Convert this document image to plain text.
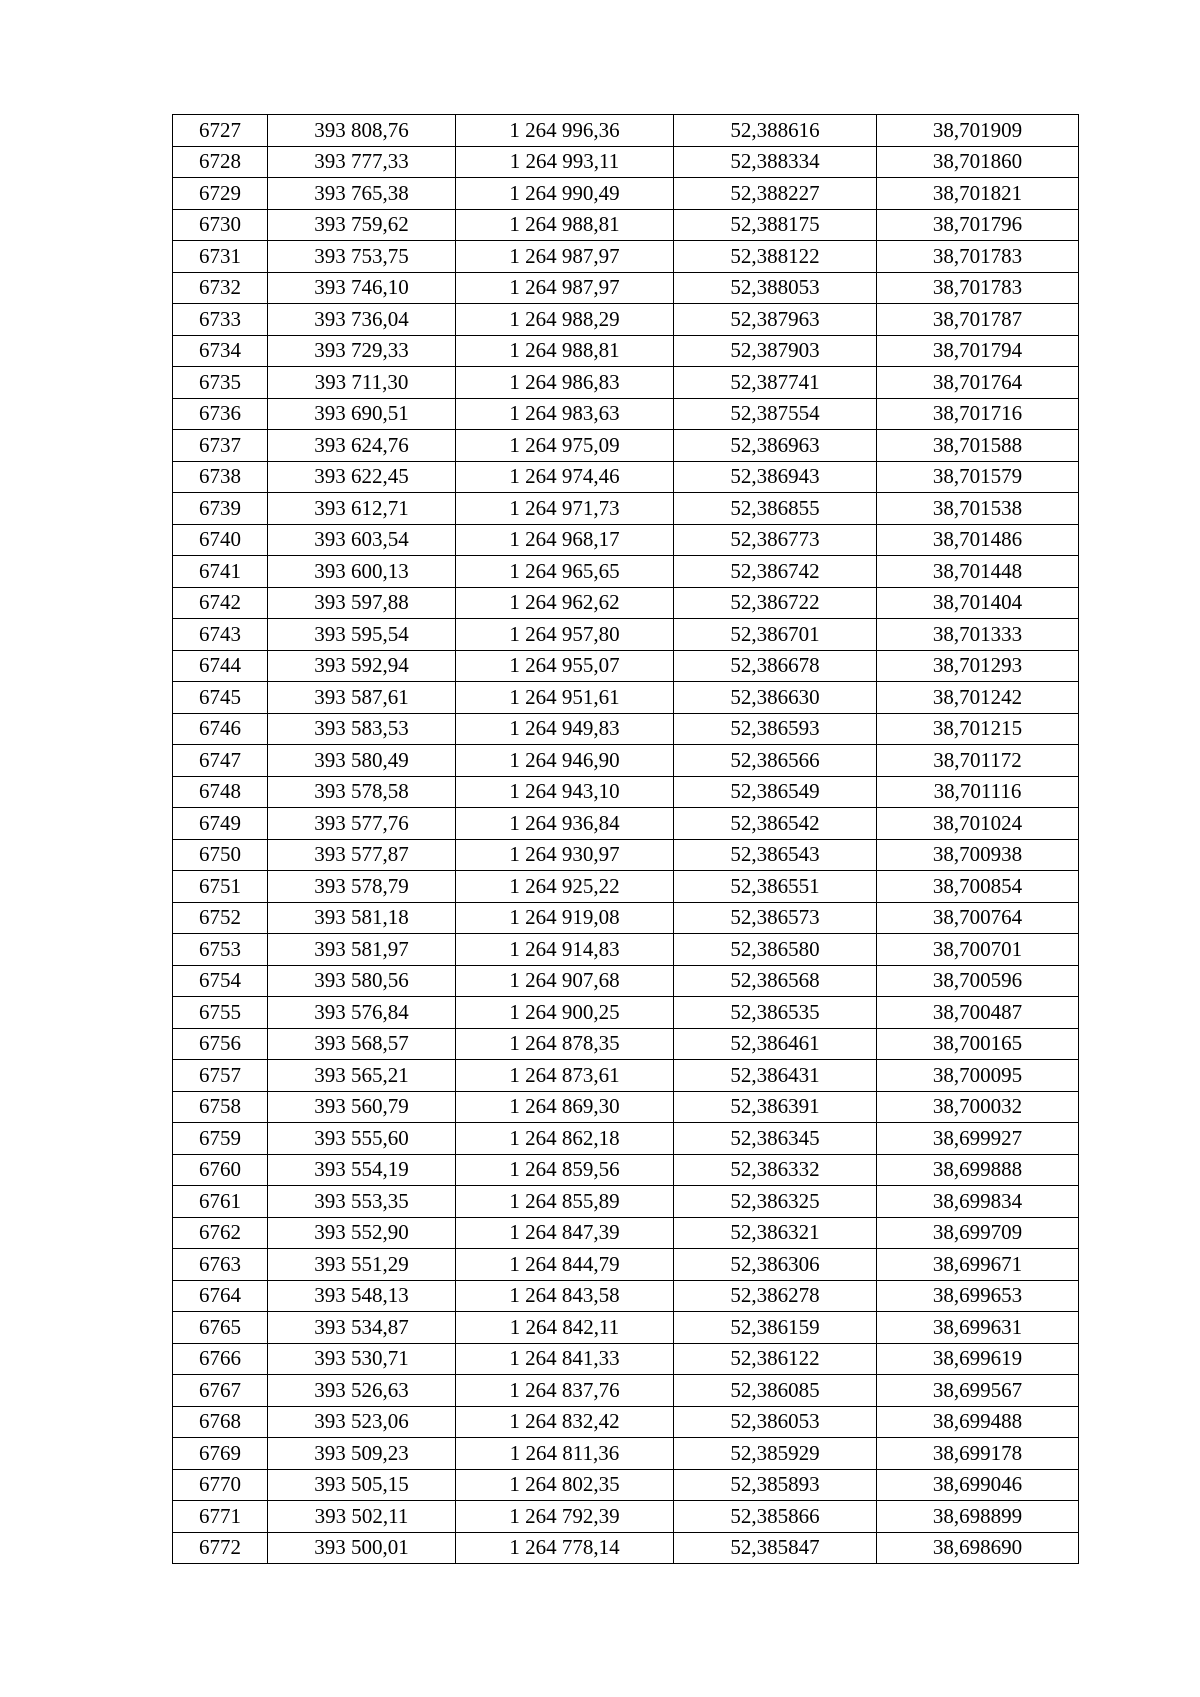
6727	393 808,76	1 264 996,36	52,388616	38,701909
6728	393 777,33	1 264 993,11	52,388334	38,701860
6729	393 765,38	1 264 990,49	52,388227	38,701821
6730	393 759,62	1 264 988,81	52,388175	38,701796
6731	393 753,75	1 264 987,97	52,388122	38,701783
6732	393 746,10	1 264 987,97	52,388053	38,701783
6733	393 736,04	1 264 988,29	52,387963	38,701787
6734	393 729,33	1 264 988,81	52,387903	38,701794
6735	393 711,30	1 264 986,83	52,387741	38,701764
6736	393 690,51	1 264 983,63	52,387554	38,701716
6737	393 624,76	1 264 975,09	52,386963	38,701588
6738	393 622,45	1 264 974,46	52,386943	38,701579
6739	393 612,71	1 264 971,73	52,386855	38,701538
6740	393 603,54	1 264 968,17	52,386773	38,701486
6741	393 600,13	1 264 965,65	52,386742	38,701448
6742	393 597,88	1 264 962,62	52,386722	38,701404
6743	393 595,54	1 264 957,80	52,386701	38,701333
6744	393 592,94	1 264 955,07	52,386678	38,701293
6745	393 587,61	1 264 951,61	52,386630	38,701242
6746	393 583,53	1 264 949,83	52,386593	38,701215
6747	393 580,49	1 264 946,90	52,386566	38,701172
6748	393 578,58	1 264 943,10	52,386549	38,701116
6749	393 577,76	1 264 936,84	52,386542	38,701024
6750	393 577,87	1 264 930,97	52,386543	38,700938
6751	393 578,79	1 264 925,22	52,386551	38,700854
6752	393 581,18	1 264 919,08	52,386573	38,700764
6753	393 581,97	1 264 914,83	52,386580	38,700701
6754	393 580,56	1 264 907,68	52,386568	38,700596
6755	393 576,84	1 264 900,25	52,386535	38,700487
6756	393 568,57	1 264 878,35	52,386461	38,700165
6757	393 565,21	1 264 873,61	52,386431	38,700095
6758	393 560,79	1 264 869,30	52,386391	38,700032
6759	393 555,60	1 264 862,18	52,386345	38,699927
6760	393 554,19	1 264 859,56	52,386332	38,699888
6761	393 553,35	1 264 855,89	52,386325	38,699834
6762	393 552,90	1 264 847,39	52,386321	38,699709
6763	393 551,29	1 264 844,79	52,386306	38,699671
6764	393 548,13	1 264 843,58	52,386278	38,699653
6765	393 534,87	1 264 842,11	52,386159	38,699631
6766	393 530,71	1 264 841,33	52,386122	38,699619
6767	393 526,63	1 264 837,76	52,386085	38,699567
6768	393 523,06	1 264 832,42	52,386053	38,699488
6769	393 509,23	1 264 811,36	52,385929	38,699178
6770	393 505,15	1 264 802,35	52,385893	38,699046
6771	393 502,11	1 264 792,39	52,385866	38,698899
6772	393 500,01	1 264 778,14	52,385847	38,698690
